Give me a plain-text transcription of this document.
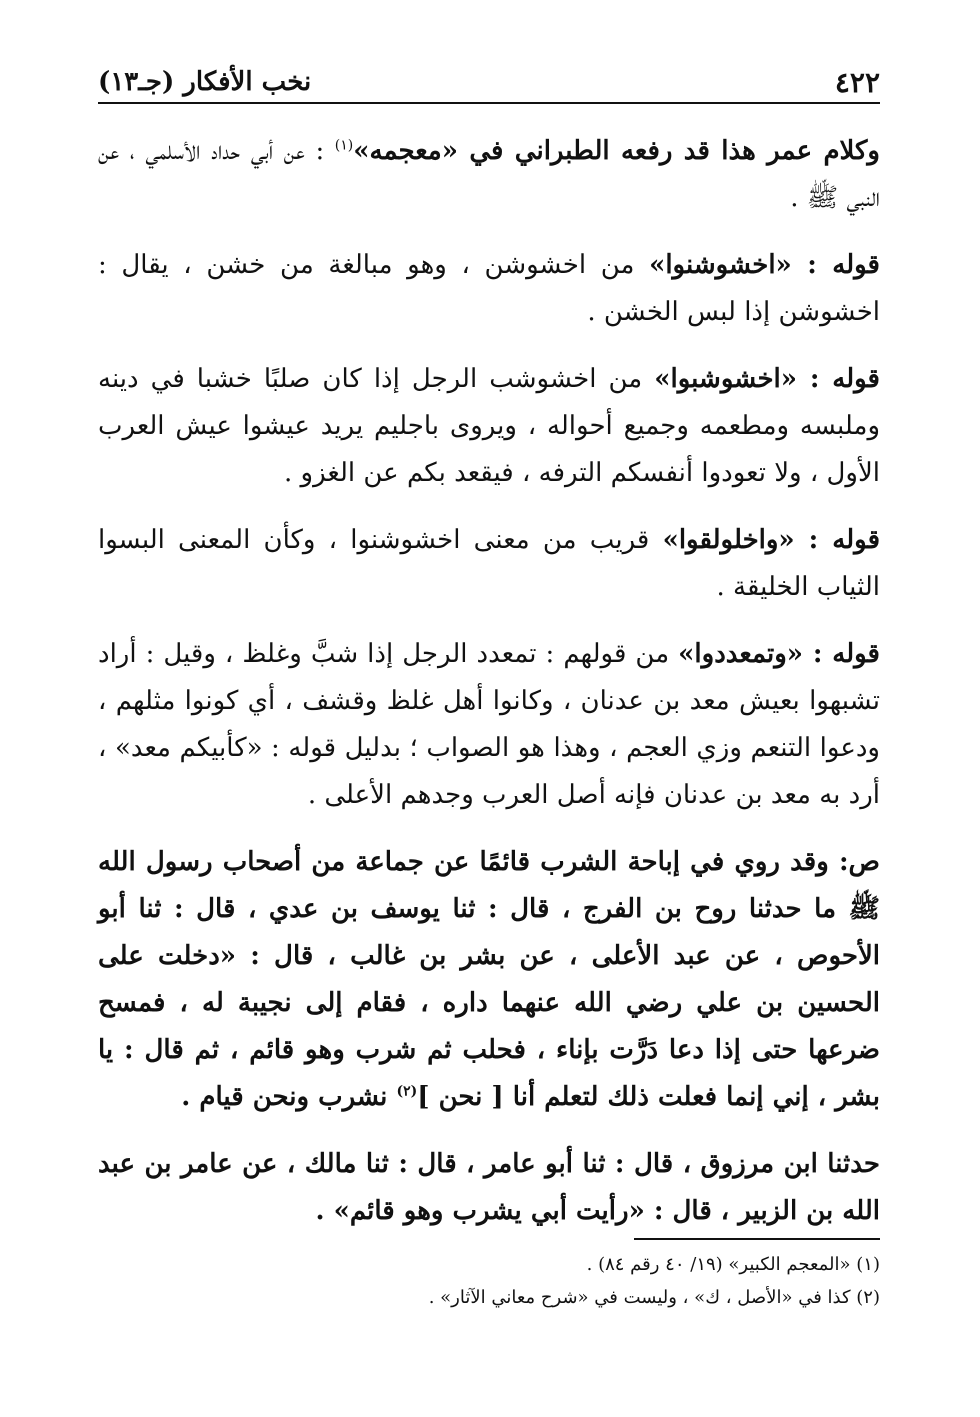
٤٢٢
نخب الأفكار (جـ١٣)

وكلام عمر هذا قد رفعه الطبراني في «معجمه»$^{(١)}$ : عن أبي حداد الأسلمي ، عن النبي ﷺ .

قوله : «اخشوشنوا» من اخشوشن ، وهو مبالغة من خشن ، يقال : اخشوشن إذا لبس الخشن .

قوله : «اخشوشبوا» من اخشوشب الرجل إذا كان صلبًا خشبا في دينه وملبسه ومطعمه وجميع أحواله ، ويروى باجليم يريد عيشوا عيش العرب الأول ، ولا تعودوا أنفسكم الترفه ، فيقعد بكم عن الغزو .

قوله : «واخلولقوا» قريب من معنى اخشوشنوا ، وكأن المعنى البسوا الثياب الخليقة .

قوله : «وتمعددوا» من قولهم : تمعدد الرجل إذا شبَّ وغلظ ، وقيل : أراد تشبهوا بعيش معد بن عدنان ، وكانوا أهل غلظ وقشف ، أي كونوا مثلهم ، ودعوا التنعم وزي العجم ، وهذا هو الصواب ؛ بدليل قوله : «كأبيكم معد» ، أرد به معد بن عدنان فإنه أصل العرب وجدهم الأعلى .

ص: وقد روي في إباحة الشرب قائمًا عن جماعة من أصحاب رسول الله ﷺ ما حدثنا روح بن الفرج ، قال : ثنا يوسف بن عدي ، قال : ثنا أبو الأحوص ، عن عبد الأعلى ، عن بشر بن غالب ، قال : «دخلت على الحسين بن علي رضي الله عنهما داره ، فقام إلى نجيبة له ، فمسح ضرعها حتى إذا دعا دَرَّت بإناء ، فحلب ثم شرب وهو قائم ، ثم قال : يا بشر ، إني إنما فعلت ذلك لتعلم أنا [ نحن ]$^{(٢)}$ نشرب ونحن قيام .

حدثنا ابن مرزوق ، قال : ثنا أبو عامر ، قال : ثنا مالك ، عن عامر بن عبد الله بن الزبير ، قال : «رأيت أبي يشرب وهو قائم» .

(١) «المعجم الكبير» (١٩/ ٤٠ رقم ٨٤) .

(٢) كذا في «الأصل ، ك» ، وليست في «شرح معاني الآثار» .
